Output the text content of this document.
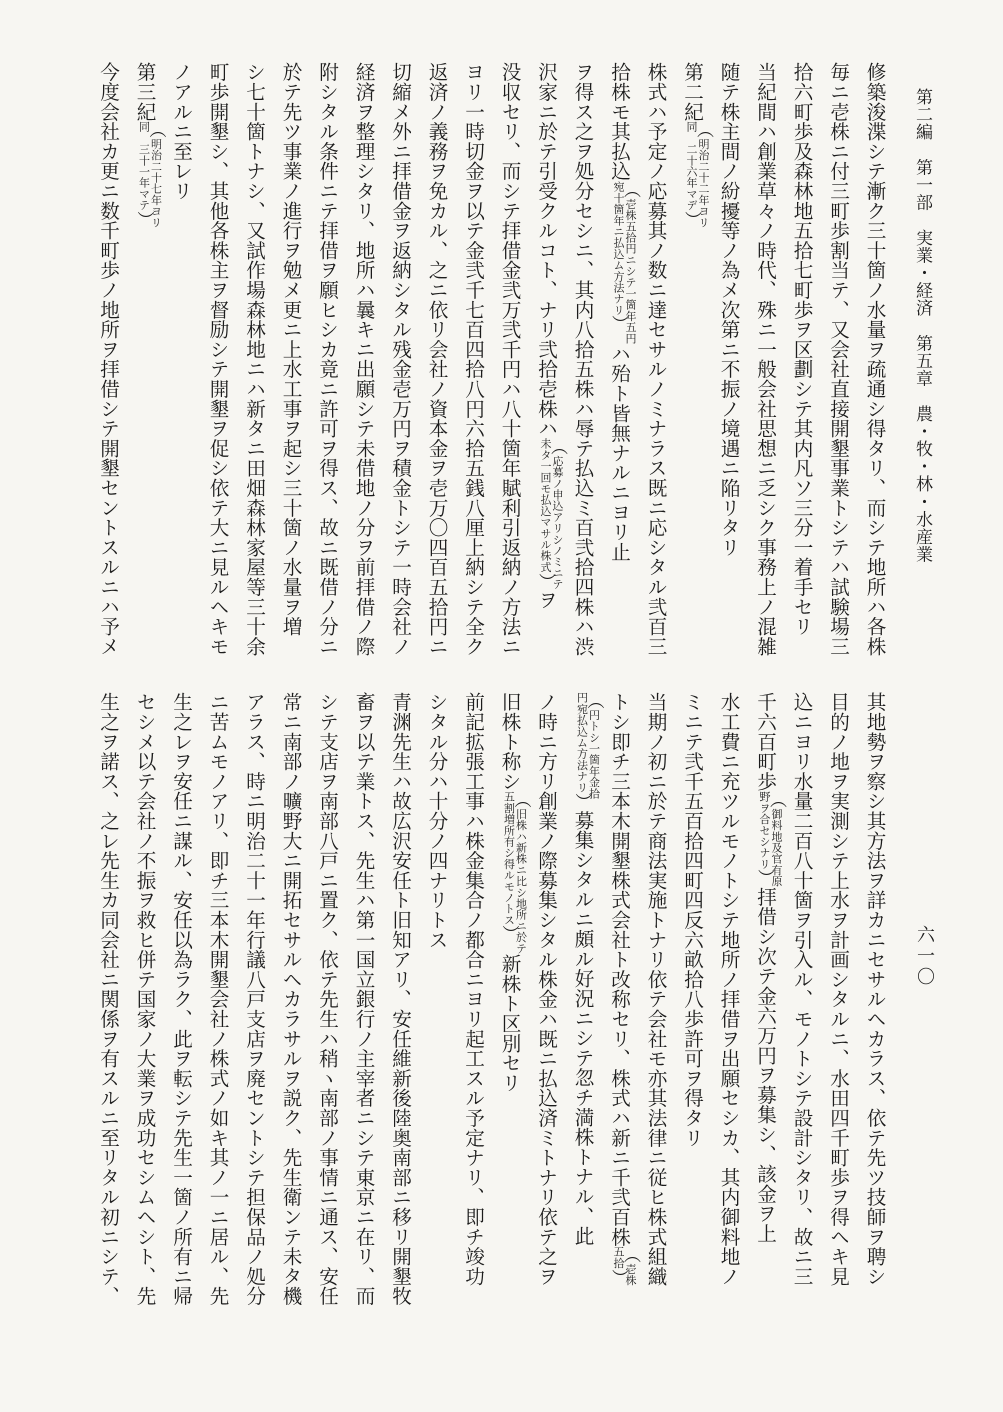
第二編　第一部　実業・経済　第五章　農・牧・林・水産業
六一〇
修築浚渫シテ漸ク三十箇ノ水量ヲ疏通シ得タリ、而シテ地所ハ各株
毎ニ壱株ニ付三町歩割当テ、又会社直接開墾事業トシテハ試験場三
拾六町歩及森林地五拾七町歩ヲ区劃シテ其内凡ソ三分一着手セリ
当紀間ハ創業草々ノ時代、殊ニ一般会社思想ニ乏シク事務上ノ混雑
随テ株主間ノ紛擾等ノ為メ次第ニ不振ノ境遇ニ陥リタリ
第二紀
（ 明治二十二年ヨリ
同　二十六年マデ ）
株式ハ予定ノ応募其ノ数ニ達セサルノミナラス既ニ応シタル弐百三
拾株モ其払込
（ 壱株五拾円ニシテ一箇年五円
宛十箇年ニ払込ム方法ナリ ）
ハ殆ト皆無ナルニヨリ止
ヲ得ス之ヲ処分セシニ、其内八拾五株ハ辱テ払込ミ百弐拾四株ハ渋
沢家ニ於テ引受クルコト、ナリ弐拾壱株ハ
（ 応募ノ申込アリシノミニテ
未タ一回モ払込マサル株式 ）
ヲ
没収セリ、而シテ拝借金弐万弐千円ハ八十箇年賦利引返納ノ方法ニ
ヨリ一時切金ヲ以テ金弐千七百四拾八円六拾五銭八厘上納シテ全ク
返済ノ義務ヲ免カル、之ニ依リ会社ノ資本金ヲ壱万〇四百五拾円ニ
切縮メ外ニ拝借金ヲ返納シタル残金壱万円ヲ積金トシテ一時会社ノ
経済ヲ整理シタリ、地所ハ曩キニ出願シテ未借地ノ分ヲ前拝借ノ際
附シタル条件ニテ拝借ヲ願ヒシカ竟ニ許可ヲ得ス、故ニ既借ノ分ニ
於テ先ツ事業ノ進行ヲ勉メ更ニ上水工事ヲ起シ三十箇ノ水量ヲ増
シ七十箇トナシ、又試作場森林地ニハ新タニ田畑森林家屋等三十余
町歩開墾シ、其他各株主ヲ督励シテ開墾ヲ促シ依テ大ニ見ルヘキモ
ノアルニ至レリ
第三紀
（ 明治二十七年ヨリ
同　三十一年マテ ）
今度会社カ更ニ数千町歩ノ地所ヲ拝借シテ開墾セントスルニハ予メ
其地勢ヲ察シ其方法ヲ詳カニセサルヘカラス、依テ先ツ技師ヲ聘シ
目的ノ地ヲ実測シテ上水ヲ計画シタルニ、水田四千町歩ヲ得ヘキ見
込ニヨリ水量二百八十箇ヲ引入ル、モノトシテ設計シタリ、故ニ三
千六百町歩
（ 御料地及官有原
野ヲ合セシナリ ）
拝借シ次テ金六万円ヲ募集シ、該金ヲ上
水工費ニ充ツルモノトシテ地所ノ拝借ヲ出願セシカ、其内御料地ノ
ミニテ弐千五百拾四町四反六畝拾八歩許可ヲ得タリ
当期ノ初ニ於テ商法実施トナリ依テ会社モ亦其法律ニ従ヒ株式組織
トシ即チ三本木開墾株式会社ト改称セリ、株式ハ新ニ千弐百株
（ 壱株
五拾 ）
（ 円トシ一箇年金拾
円宛払込ム方法ナリ ）
募集シタルニ頗ル好況ニシテ忽チ満株トナル、此
ノ時ニ方リ創業ノ際募集シタル株金ハ既ニ払込済ミトナリ依テ之ヲ
旧株ト称シ
（ 旧株ハ新株ニ比シ地所ニ於テ
五割増所有シ得ルモノトス ）
新株ト区別セリ
前記拡張工事ハ株金集合ノ都合ニヨリ起工スル予定ナリ、即チ竣功
シタル分ハ十分ノ四ナリトス
青渊先生ハ故広沢安任ト旧知アリ、安任維新後陸奥南部ニ移リ開墾牧
畜ヲ以テ業トス、先生ハ第一国立銀行ノ主宰者ニシテ東京ニ在リ、而
シテ支店ヲ南部八戸ニ置ク、依テ先生ハ稍ヽ南部ノ事情ニ通ス、安任
常ニ南部ノ曠野大ニ開拓セサルヘカラサルヲ説ク、先生衛ンテ未タ機
アラス、時ニ明治二十一年行議八戸支店ヲ廃セントシテ担保品ノ処分
ニ苦ムモノアリ、即チ三本木開墾会社ノ株式ノ如キ其ノ一ニ居ル、先
生之レヲ安任ニ謀ル、安任以為ラク、此ヲ転シテ先生一箇ノ所有ニ帰
セシメ以テ会社ノ不振ヲ救ヒ併テ国家ノ大業ヲ成功セシムヘシト、先
生之ヲ諾ス、之レ先生カ同会社ニ関係ヲ有スルニ至リタル初ニシテ、
